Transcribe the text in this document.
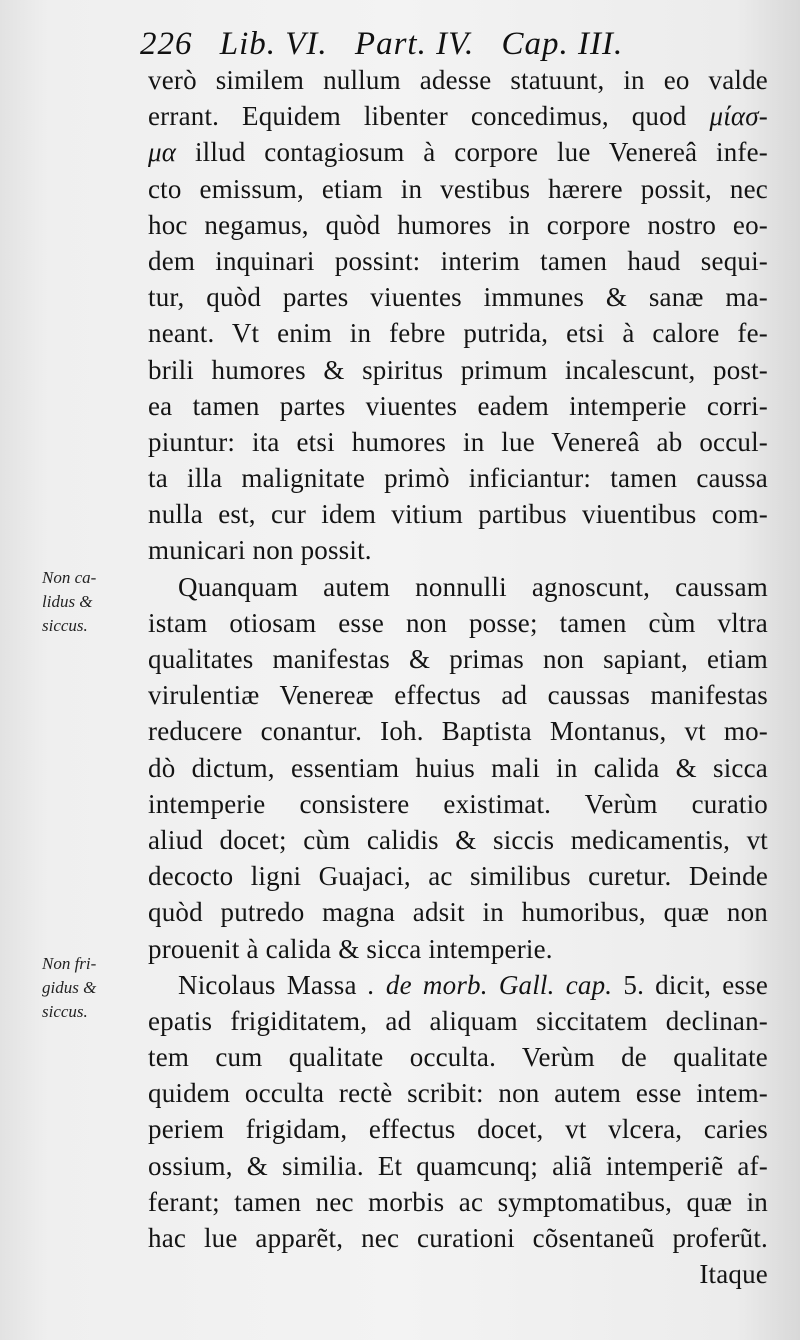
226 Lib. VI. Part. IV. Cap. III.
Non ca-
lidus &
siccus.
Non fri-
gidus &
siccus.
verò similem nullum adesse statuunt, in eo valde
errant. Equidem libenter concedimus, quod μίασ-
μα illud contagiosum à corpore lue Venereâ infe-
cto emissum, etiam in vestibus hærere possit, nec
hoc negamus, quòd humores in corpore nostro eo-
dem inquinari possint: interim tamen haud sequi-
tur, quòd partes viuentes immunes & sanæ ma-
neant. Vt enim in febre putrida, etsi à calore fe-
brili humores & spiritus primum incalescunt, post-
ea tamen partes viuentes eadem intemperie corri-
piuntur: ita etsi humores in lue Venereâ ab occul-
ta illa malignitate primò inficiantur: tamen caussa
nulla est, cur idem vitium partibus viuentibus com-
municari non possit.
Quanquam autem nonnulli agnoscunt, caussam
istam otiosam esse non posse; tamen cùm vltra
qualitates manifestas & primas non sapiant, etiam
virulentiæ Venereæ effectus ad caussas manifestas
reducere conantur. Ioh. Baptista Montanus, vt mo-
dò dictum, essentiam huius mali in calida & sicca
intemperie consistere existimat. Verùm curatio
aliud docet; cùm calidis & siccis medicamentis, vt
decocto ligni Guajaci, ac similibus curetur. Deinde
quòd putredo magna adsit in humoribus, quæ non
prouenit à calida & sicca intemperie.
Nicolaus Massa . de morb. Gall. cap. 5. dicit, esse
epatis frigiditatem, ad aliquam siccitatem declinan-
tem cum qualitate occulta. Verùm de qualitate
quidem occulta rectè scribit: non autem esse intem-
periem frigidam, effectus docet, vt vlcera, caries
ossium, & similia. Et quamcunq; aliã intemperiẽ af-
ferant; tamen nec morbis ac symptomatibus, quæ in
hac lue apparẽt, nec curationi cõsentaneũ proferũt.
Itaque
